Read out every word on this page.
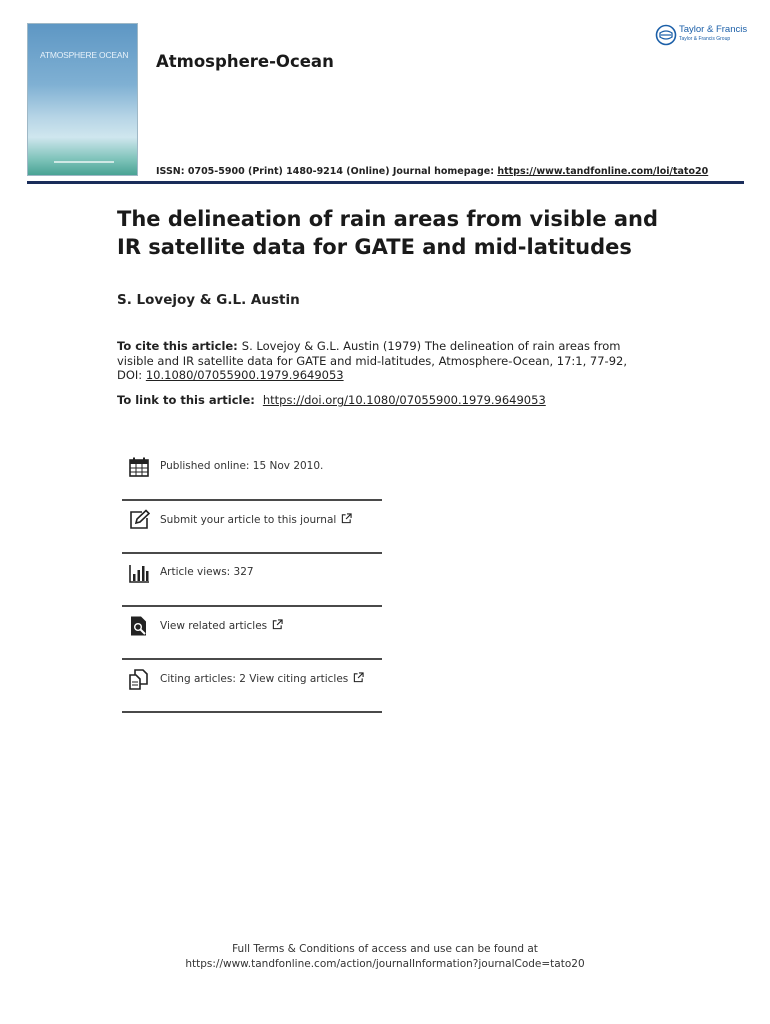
ATMOSPHERE OCEAN Atmosphere-Ocean
Taylor & Francis
Taylor & Francis Group
ISSN: 0705-5900 (Print) 1480-9214 (Online) Journal homepage: https://www.tandfonline.com/loi/tato20
The delineation of rain areas from visible and IR satellite data for GATE and mid-latitudes
S. Lovejoy & G.L. Austin
To cite this article: S. Lovejoy & G.L. Austin (1979) The delineation of rain areas from visible and IR satellite data for GATE and mid-latitudes, Atmosphere-Ocean, 17:1, 77-92, DOI: 10.1080/07055900.1979.9649053
To link to this article: https://doi.org/10.1080/07055900.1979.9649053
Published online: 15 Nov 2010.
Submit your article to this journal
Article views: 327
View related articles
Citing articles: 2 View citing articles
Full Terms & Conditions of access and use can be found at
https://www.tandfonline.com/action/journalInformation?journalCode=tato20
